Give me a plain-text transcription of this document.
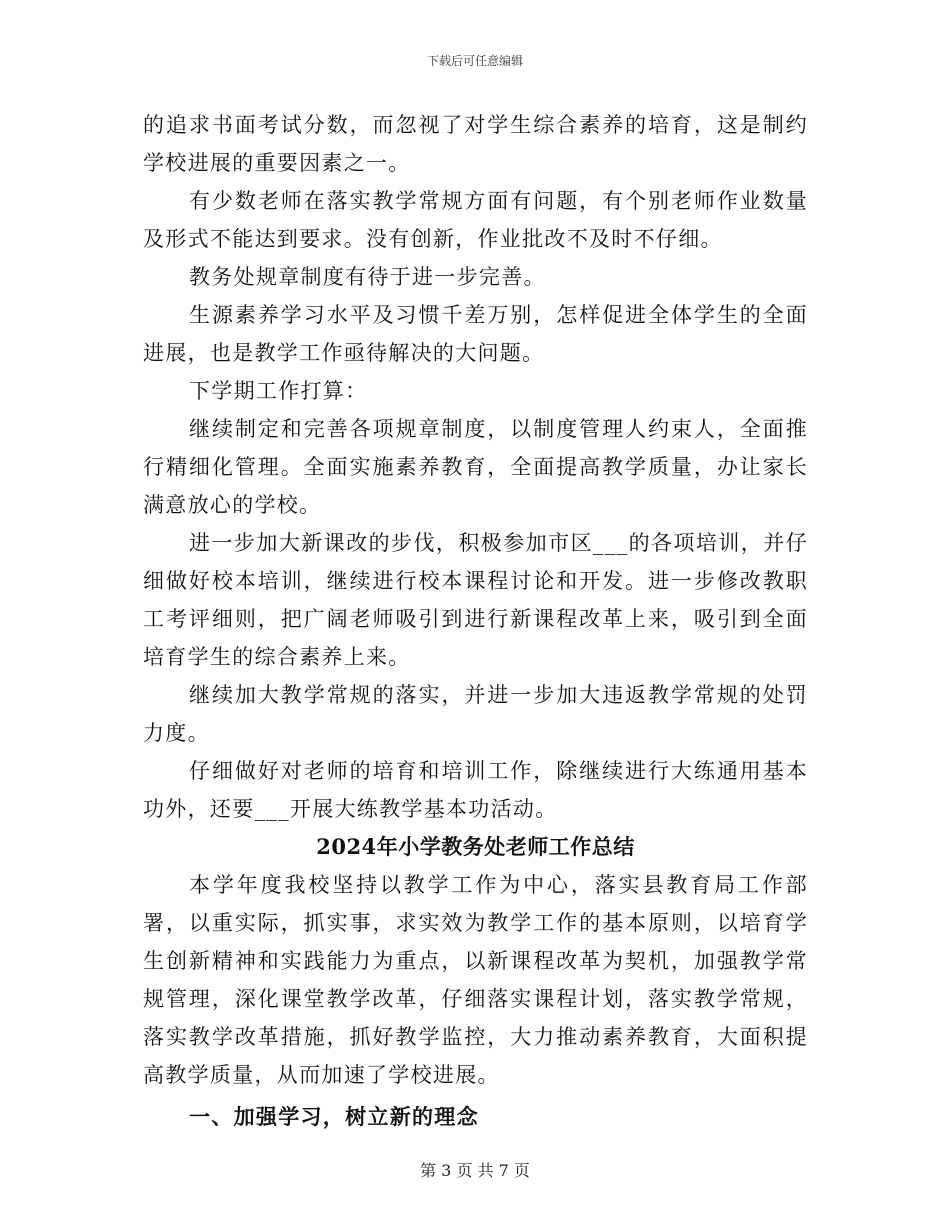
下载后可任意编辑

的追求书面考试分数，而忽视了对学生综合素养的培育，这是制约学校进展的重要因素之一。

有少数老师在落实教学常规方面有问题，有个别老师作业数量及形式不能达到要求。没有创新，作业批改不及时不仔细。

教务处规章制度有待于进一步完善。

生源素养学习水平及习惯千差万别，怎样促进全体学生的全面进展，也是教学工作亟待解决的大问题。

下学期工作打算：

继续制定和完善各项规章制度，以制度管理人约束人，全面推行精细化管理。全面实施素养教育，全面提高教学质量，办让家长满意放心的学校。

进一步加大新课改的步伐，积极参加市区___的各项培训，并仔细做好校本培训，继续进行校本课程讨论和开发。进一步修改教职工考评细则，把广阔老师吸引到进行新课程改革上来，吸引到全面培育学生的综合素养上来。

继续加大教学常规的落实，并进一步加大违返教学常规的处罚力度。

仔细做好对老师的培育和培训工作，除继续进行大练通用基本功外，还要___开展大练教学基本功活动。

2024年小学教务处老师工作总结

本学年度我校坚持以教学工作为中心，落实县教育局工作部署，以重实际，抓实事，求实效为教学工作的基本原则，以培育学生创新精神和实践能力为重点，以新课程改革为契机，加强教学常规管理，深化课堂教学改革，仔细落实课程计划，落实教学常规，落实教学改革措施，抓好教学监控，大力推动素养教育，大面积提高教学质量，从而加速了学校进展。

一、加强学习，树立新的理念

第 3 页 共 7 页
